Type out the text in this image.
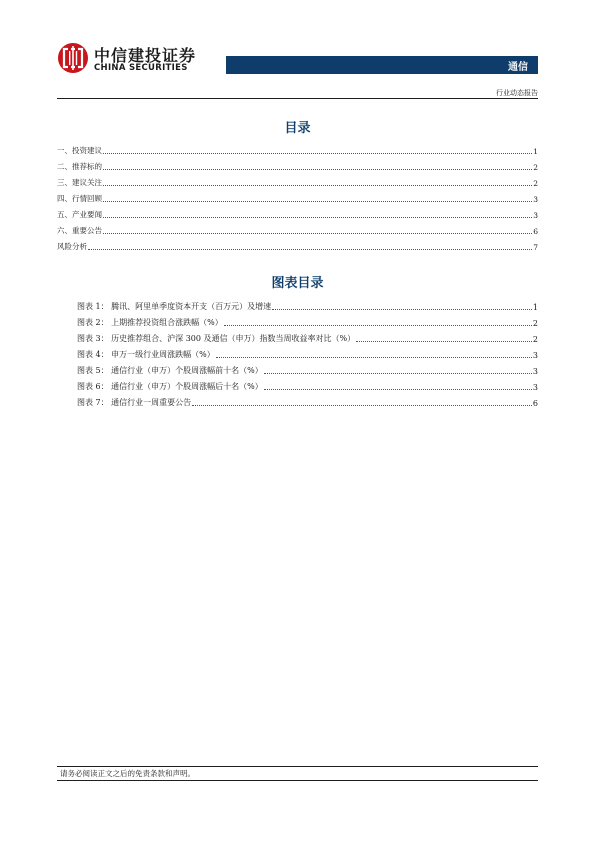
中信建投证券
CHINA SECURITIES	通信
行业动态报告
目录
一、投资建议	1
二、推荐标的	2
三、建议关注	2
四、行情回顾	3
五、产业要闻	3
六、重要公告	6
风险分析	7
图表目录
图表 1： 腾讯、阿里单季度资本开支（百万元）及增速	1
图表 2： 上期推荐投资组合涨跌幅（%）	2
图表 3： 历史推荐组合、沪深 300 及通信（申万）指数当周收益率对比（%）	2
图表 4： 申万一级行业周涨跌幅（%）	3
图表 5： 通信行业（申万）个股周涨幅前十名（%）	3
图表 6： 通信行业（申万）个股周涨幅后十名（%）	3
图表 7： 通信行业一周重要公告	6
请务必阅读正文之后的免责条款和声明。
